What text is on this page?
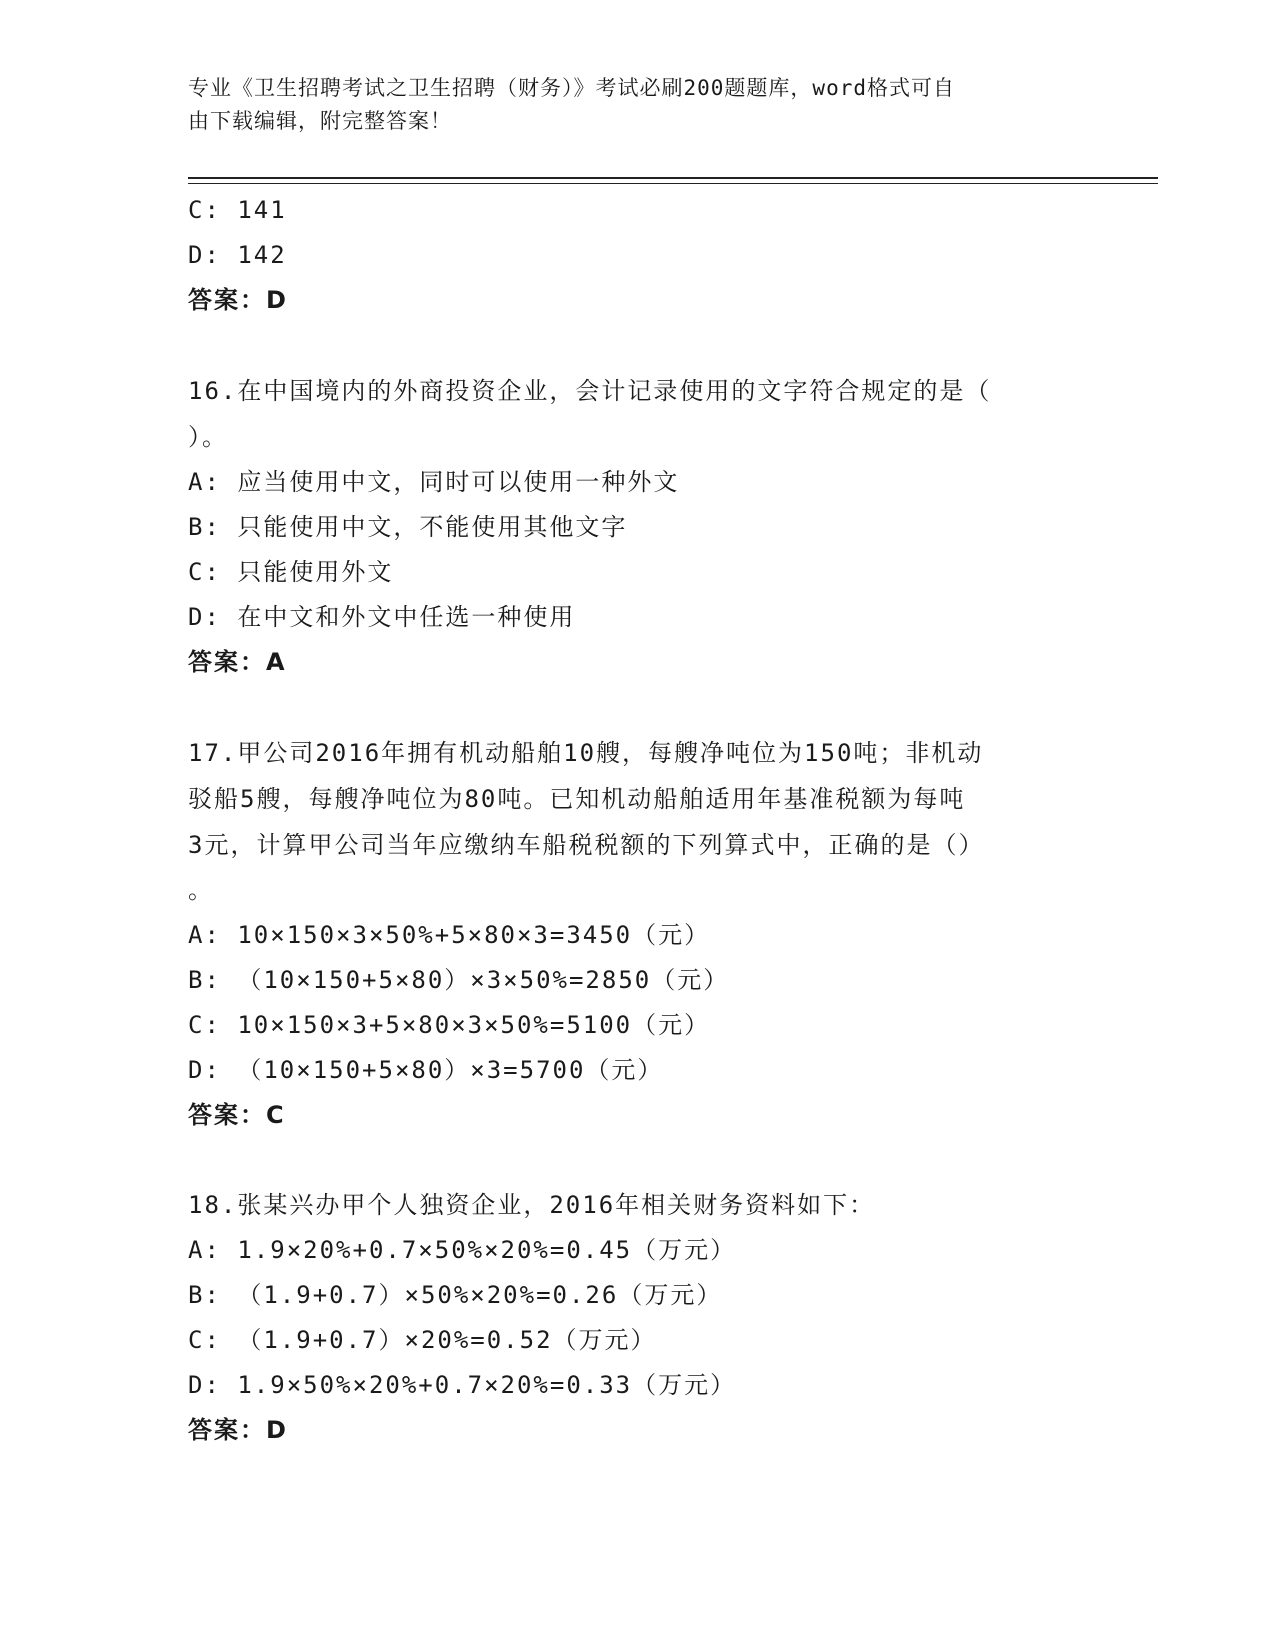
专业《卫生招聘考试之卫生招聘（财务）》考试必刷200题题库，word格式可自
由下载编辑，附完整答案！
C: 141
D: 142
答案：D
16.在中国境内的外商投资企业，会计记录使用的文字符合规定的是（
）。
A: 应当使用中文，同时可以使用一种外文
B: 只能使用中文，不能使用其他文字
C: 只能使用外文
D: 在中文和外文中任选一种使用
答案：A
17.甲公司2016年拥有机动船舶10艘，每艘净吨位为150吨；非机动
驳船5艘，每艘净吨位为80吨。已知机动船舶适用年基准税额为每吨
3元，计算甲公司当年应缴纳车船税税额的下列算式中，正确的是（）
。
A: 10×150×3×50%+5×80×3=3450（元）
B: （10×150+5×80）×3×50%=2850（元）
C: 10×150×3+5×80×3×50%=5100（元）
D: （10×150+5×80）×3=5700（元）
答案：C
18.张某兴办甲个人独资企业，2016年相关财务资料如下：
A: 1.9×20%+0.7×50%×20%=0.45（万元）
B: （1.9+0.7）×50%×20%=0.26（万元）
C: （1.9+0.7）×20%=0.52（万元）
D: 1.9×50%×20%+0.7×20%=0.33（万元）
答案：D
